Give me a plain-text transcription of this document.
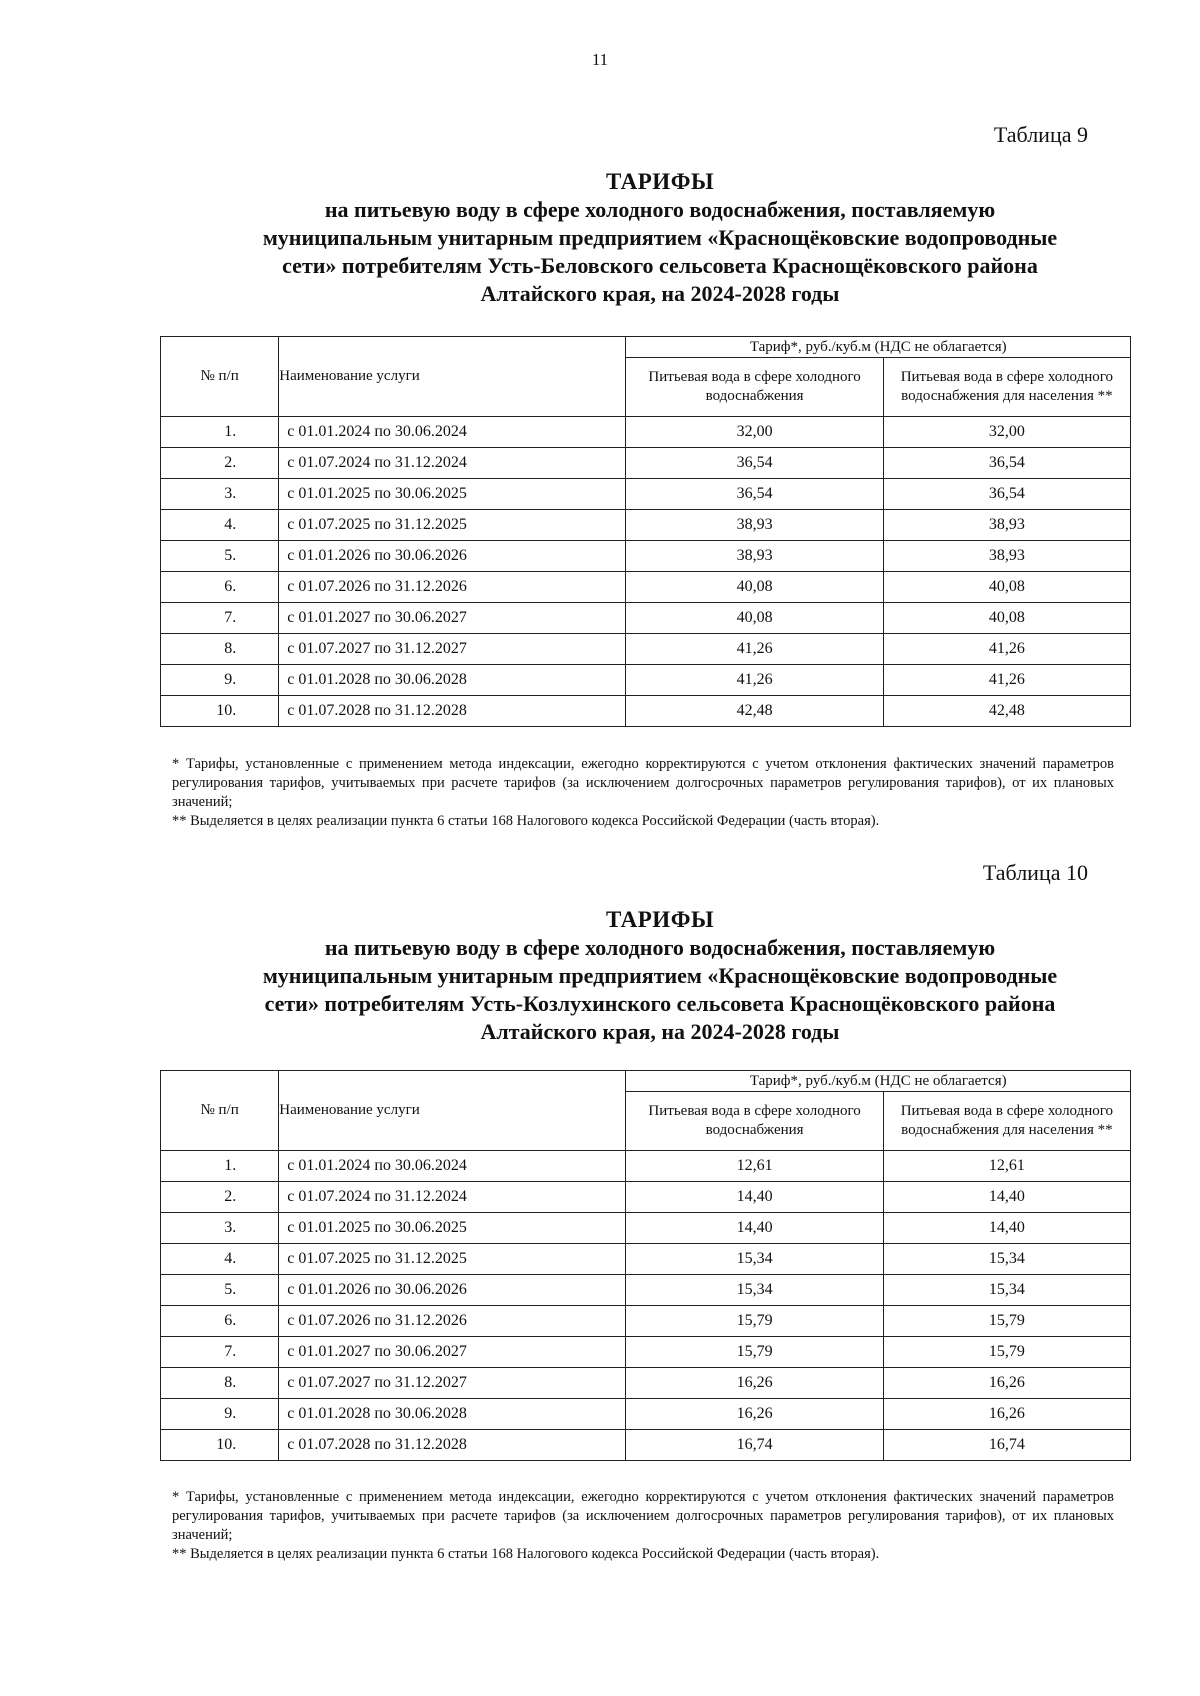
11
Таблица 9
ТАРИФЫ
на питьевую воду в сфере холодного водоснабжения, поставляемую
муниципальным унитарным предприятием «Краснощёковские водопроводные
сети» потребителям Усть-Беловского сельсовета Краснощёковского района
Алтайского края, на 2024-2028 годы
№ п/п	Наименование услуги	Тариф*, руб./куб.м (НДС не облагается)	
		Питьевая вода в сфере холодного водоснабжения	Питьевая вода в сфере холодного водоснабжения для населения **
1.	с 01.01.2024 по 30.06.2024	32,00	32,00
2.	с 01.07.2024 по 31.12.2024	36,54	36,54
3.	с 01.01.2025 по 30.06.2025	36,54	36,54
4.	с 01.07.2025 по 31.12.2025	38,93	38,93
5.	с 01.01.2026 по 30.06.2026	38,93	38,93
6.	с 01.07.2026 по 31.12.2026	40,08	40,08
7.	с 01.01.2027 по 30.06.2027	40,08	40,08
8.	с 01.07.2027 по 31.12.2027	41,26	41,26
9.	с 01.01.2028 по 30.06.2028	41,26	41,26
10.	с 01.07.2028 по 31.12.2028	42,48	42,48

* Тарифы, установленные с применением метода индексации, ежегодно корректируются с учетом отклонения фактических значений параметров регулирования тарифов, учитываемых при расчете тарифов (за исключением долгосрочных параметров регулирования тарифов), от их плановых значений;

** Выделяется в целях реализации пункта 6 статьи 168 Налогового кодекса Российской Федерации (часть вторая).

Таблица 10
ТАРИФЫ
на питьевую воду в сфере холодного водоснабжения, поставляемую
муниципальным унитарным предприятием «Краснощёковские водопроводные
сети» потребителям Усть-Козлухинского сельсовета Краснощёковского района
Алтайского края, на 2024-2028 годы
№ п/п	Наименование услуги	Тариф*, руб./куб.м (НДС не облагается)	
		Питьевая вода в сфере холодного водоснабжения	Питьевая вода в сфере холодного водоснабжения для населения **
1.	с 01.01.2024 по 30.06.2024	12,61	12,61
2.	с 01.07.2024 по 31.12.2024	14,40	14,40
3.	с 01.01.2025 по 30.06.2025	14,40	14,40
4.	с 01.07.2025 по 31.12.2025	15,34	15,34
5.	с 01.01.2026 по 30.06.2026	15,34	15,34
6.	с 01.07.2026 по 31.12.2026	15,79	15,79
7.	с 01.01.2027 по 30.06.2027	15,79	15,79
8.	с 01.07.2027 по 31.12.2027	16,26	16,26
9.	с 01.01.2028 по 30.06.2028	16,26	16,26
10.	с 01.07.2028 по 31.12.2028	16,74	16,74

* Тарифы, установленные с применением метода индексации, ежегодно корректируются с учетом отклонения фактических значений параметров регулирования тарифов, учитываемых при расчете тарифов (за исключением долгосрочных параметров регулирования тарифов), от их плановых значений;

** Выделяется в целях реализации пункта 6 статьи 168 Налогового кодекса Российской Федерации (часть вторая).
